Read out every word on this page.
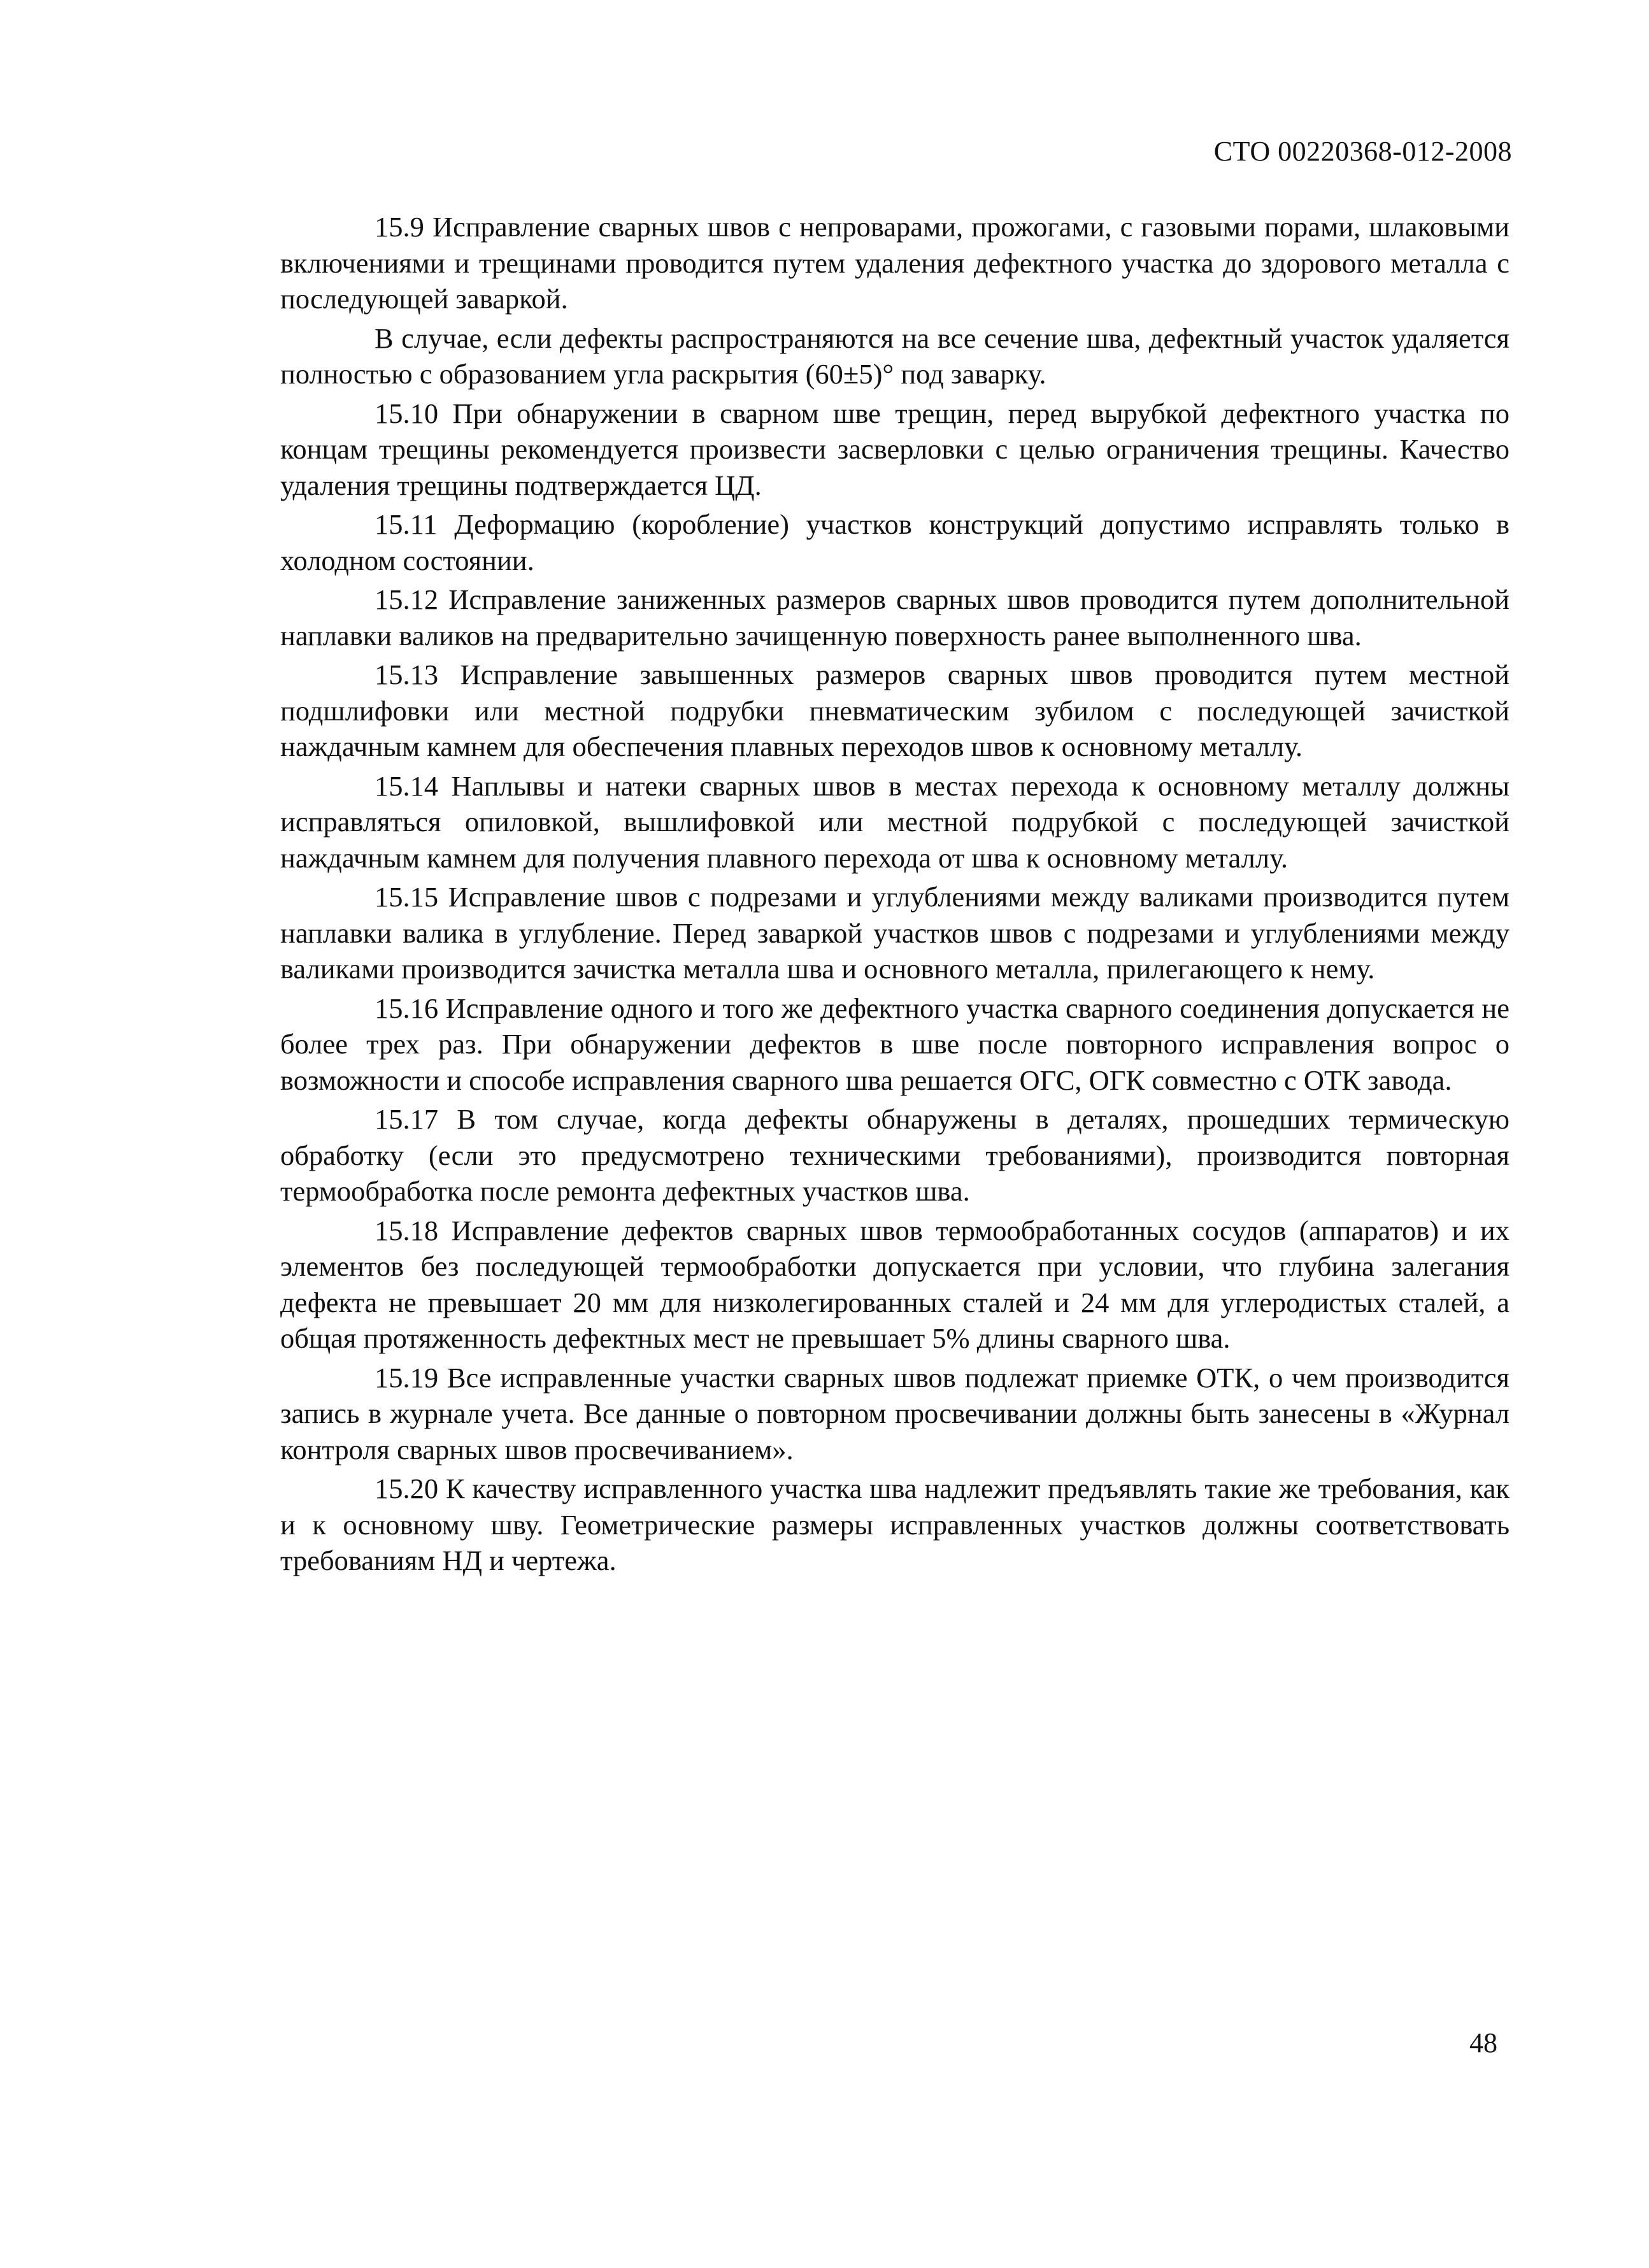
СТО 00220368-012-2008

15.9 Исправление сварных швов с непроварами, прожогами, с газовыми порами, шлаковыми включениями и трещинами проводится путем удаления дефектного участка до здорового металла с последующей заваркой.

В случае, если дефекты распространяются на все сечение шва, дефектный участок удаляется полностью с образованием угла раскрытия (60±5)° под заварку.

15.10 При обнаружении в сварном шве трещин, перед вырубкой дефектного участка по концам трещины рекомендуется произвести засверловки с целью ограничения трещины. Качество удаления трещины подтверждается ЦД.

15.11 Деформацию (коробление) участков конструкций допустимо исправлять только в холодном состоянии.

15.12 Исправление заниженных размеров сварных швов проводится путем дополнительной наплавки валиков на предварительно зачищенную поверхность ранее выполненного шва.

15.13 Исправление завышенных размеров сварных швов проводится путем местной подшлифовки или местной подрубки пневматическим зубилом с последующей зачисткой наждачным камнем для обеспечения плавных переходов швов к основному металлу.

15.14 Наплывы и натеки сварных швов в местах перехода к основному металлу должны исправляться опиловкой, вышлифовкой или местной подрубкой с последующей зачисткой наждачным камнем для получения плавного перехода от шва к основному металлу.

15.15 Исправление швов с подрезами и углублениями между валиками производится путем наплавки валика в углубление. Перед заваркой участков швов с подрезами и углублениями между валиками производится зачистка металла шва и основного металла, прилегающего к нему.

15.16 Исправление одного и того же дефектного участка сварного соединения допускается не более трех раз. При обнаружении дефектов в шве после повторного исправления вопрос о возможности и способе исправления сварного шва решается ОГС, ОГК совместно с ОТК завода.

15.17 В том случае, когда дефекты обнаружены в деталях, прошедших термическую обработку (если это предусмотрено техническими требованиями), производится повторная термообработка после ремонта дефектных участков шва.

15.18 Исправление дефектов сварных швов термообработанных сосудов (аппаратов) и их элементов без последующей термообработки допускается при условии, что глубина залегания дефекта не превышает 20 мм для низколегированных сталей и 24 мм для углеродистых сталей, а общая протяженность дефектных мест не превышает 5% длины сварного шва.

15.19 Все исправленные участки сварных швов подлежат приемке ОТК, о чем производится запись в журнале учета. Все данные о повторном просвечивании должны быть занесены в «Журнал контроля сварных швов просвечиванием».

15.20 К качеству исправленного участка шва надлежит предъявлять такие же требования, как и к основному шву. Геометрические размеры исправленных участков должны соответствовать требованиям НД и чертежа.

48
